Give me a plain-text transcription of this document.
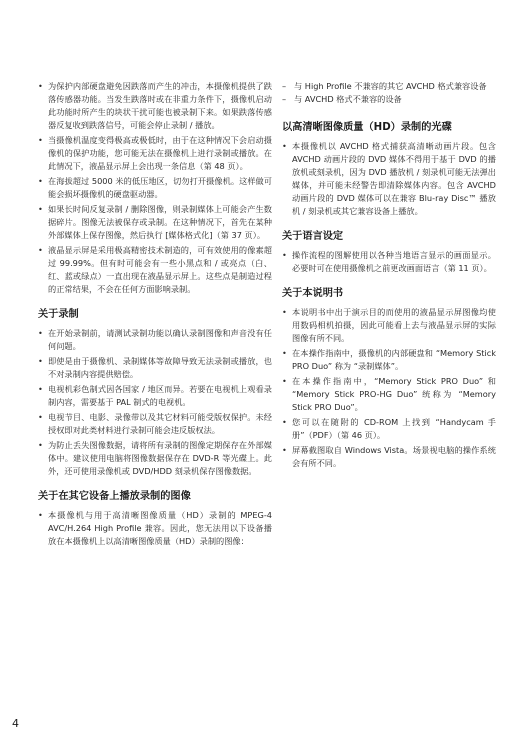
• 为保护内部硬盘避免因跌落而产生的冲击，本摄像机提供了跌落传感器功能。当发生跌落时或在非重力条件下，摄像机启动此功能时所产生的块状干扰可能也被录制下来。如果跌落传感器反复收到跌落信号，可能会停止录制 / 播放。
• 当摄像机温度变得极高或极低时，由于在这种情况下会启动摄像机的保护功能，您可能无法在摄像机上进行录制或播放。在此情况下，液晶显示屏上会出现一条信息（第 48 页）。
• 在海拔超过 5000 米的低压地区，切勿打开摄像机。这样做可能会损坏摄像机的硬盘驱动器。
• 如果长时间反复录制 / 删除图像，则录制媒体上可能会产生数据碎片。图像无法被保存或录制。在这种情况下，首先在某种外部媒体上保存图像，然后执行 [媒体格式化]（第 37 页）。
• 液晶显示屏是采用极高精密技术制造的，可有效使用的像素超过 99.99%。但有时可能会有一些小黑点和 / 或亮点（白、红、蓝或绿点）一直出现在液晶显示屏上。这些点是制造过程的正常结果，不会在任何方面影响录制。
关于录制
• 在开始录制前，请测试录制功能以确认录制图像和声音没有任何问题。
• 即使是由于摄像机、录制媒体等故障导致无法录制或播放，也不对录制内容提供赔偿。
• 电视机彩色制式因各国家 / 地区而异。若要在电视机上观看录制内容，需要基于 PAL 制式的电视机。
• 电视节目、电影、录像带以及其它材料可能受版权保护。未经授权即对此类材料进行录制可能会违反版权法。
• 为防止丢失图像数据，请将所有录制的图像定期保存在外部媒体中。建议使用电脑将图像数据保存在 DVD-R 等光碟上。此外，还可使用录像机或 DVD/HDD 刻录机保存图像数据。
关于在其它设备上播放录制的图像
• 本摄像机与用于高清晰图像质量（HD）录制的 MPEG-4 AVC/H.264 High Profile 兼容。因此，您无法用以下设备播放在本摄像机上以高清晰图像质量（HD）录制的图像：
– 与 High Profile 不兼容的其它 AVCHD 格式兼容设备
– 与 AVCHD 格式不兼容的设备
以高清晰图像质量（HD）录制的光碟
• 本摄像机以 AVCHD 格式捕获高清晰动画片段。包含 AVCHD 动画片段的 DVD 媒体不得用于基于 DVD 的播放机或刻录机，因为 DVD 播放机 / 刻录机可能无法弹出媒体，并可能未经警告即清除媒体内容。包含 AVCHD 动画片段的 DVD 媒体可以在兼容 Blu-ray Disc™ 播放机 / 刻录机或其它兼容设备上播放。
关于语言设定
• 操作流程的图解使用以各种当地语言显示的画面显示。必要时可在使用摄像机之前更改画面语言（第 11 页）。
关于本说明书
• 本说明书中出于演示目的而使用的液晶显示屏图像均使用数码相机拍摄，因此可能看上去与液晶显示屏的实际图像有所不同。
• 在本操作指南中，摄像机的内部硬盘和 “Memory Stick PRO Duo” 称为 “录制媒体”。
• 在本操作指南中，“Memory Stick PRO Duo” 和 “Memory Stick PRO-HG Duo” 统称为 “Memory Stick PRO Duo”。
• 您可以在随附的 CD-ROM 上找到 “Handycam 手册”（PDF）（第 46 页）。
• 屏幕截图取自 Windows Vista。场景视电脑的操作系统会有所不同。
4
